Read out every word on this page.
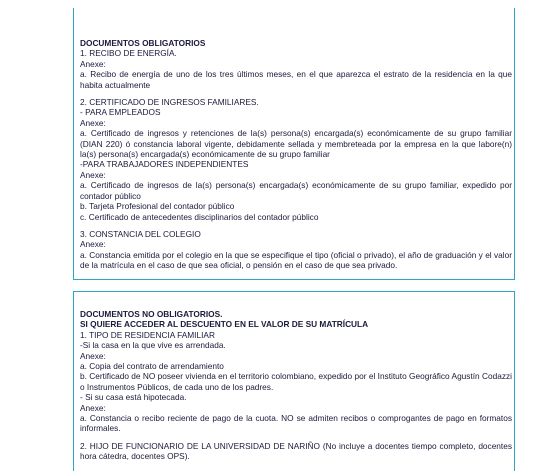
DOCUMENTOS OBLIGATORIOS
1. RECIBO DE ENERGÍA.
Anexe:
a. Recibo de energía de uno de los tres últimos meses, en el que aparezca el estrato de la residencia en la que habita actualmente
2. CERTIFICADO DE INGRESOS FAMILIARES.
- PARA EMPLEADOS
Anexe:
a. Certificado de ingresos y retenciones de la(s) persona(s) encargada(s) económicamente de su grupo familiar (DIAN 220) ó constancia laboral vigente, debidamente sellada y membreteada por la empresa en la que labore(n) la(s) persona(s) encargada(s) económicamente de su grupo familiar
-PARA TRABAJADORES INDEPENDIENTES
Anexe:
a. Certificado de ingresos de la(s) persona(s) encargada(s) económicamente de su grupo familiar, expedido por contador público
b. Tarjeta Profesional del contador público
c. Certificado de antecedentes disciplinarios del contador público
3. CONSTANCIA DEL COLEGIO
Anexe:
a. Constancia emitida por el colegio en la que se especifique el tipo (oficial o privado), el año de graduación y el valor de la matrícula en el caso de que sea oficial, o pensión en el caso de que sea privado.
DOCUMENTOS NO OBLIGATORIOS.
SI QUIERE ACCEDER AL DESCUENTO EN EL VALOR DE SU MATRÍCULA
1. TIPO DE RESIDENCIA FAMILIAR
-Si la casa en la que vive es arrendada.
Anexe:
a. Copia del contrato de arrendamiento
b. Certificado de NO poseer vivienda en el territorio colombiano, expedido por el Instituto Geográfico Agustín Codazzi o Instrumentos Públicos, de cada uno de los padres.
- Si su casa está hipotecada.
Anexe:
a. Constancia o recibo reciente de pago de la cuota. NO se admiten recibos o comprogantes de pago en formatos informales.
2. HIJO DE FUNCIONARIO DE LA UNIVERSIDAD DE NARIÑO (No incluye a docentes tiempo completo, docentes hora cátedra, docentes OPS).
